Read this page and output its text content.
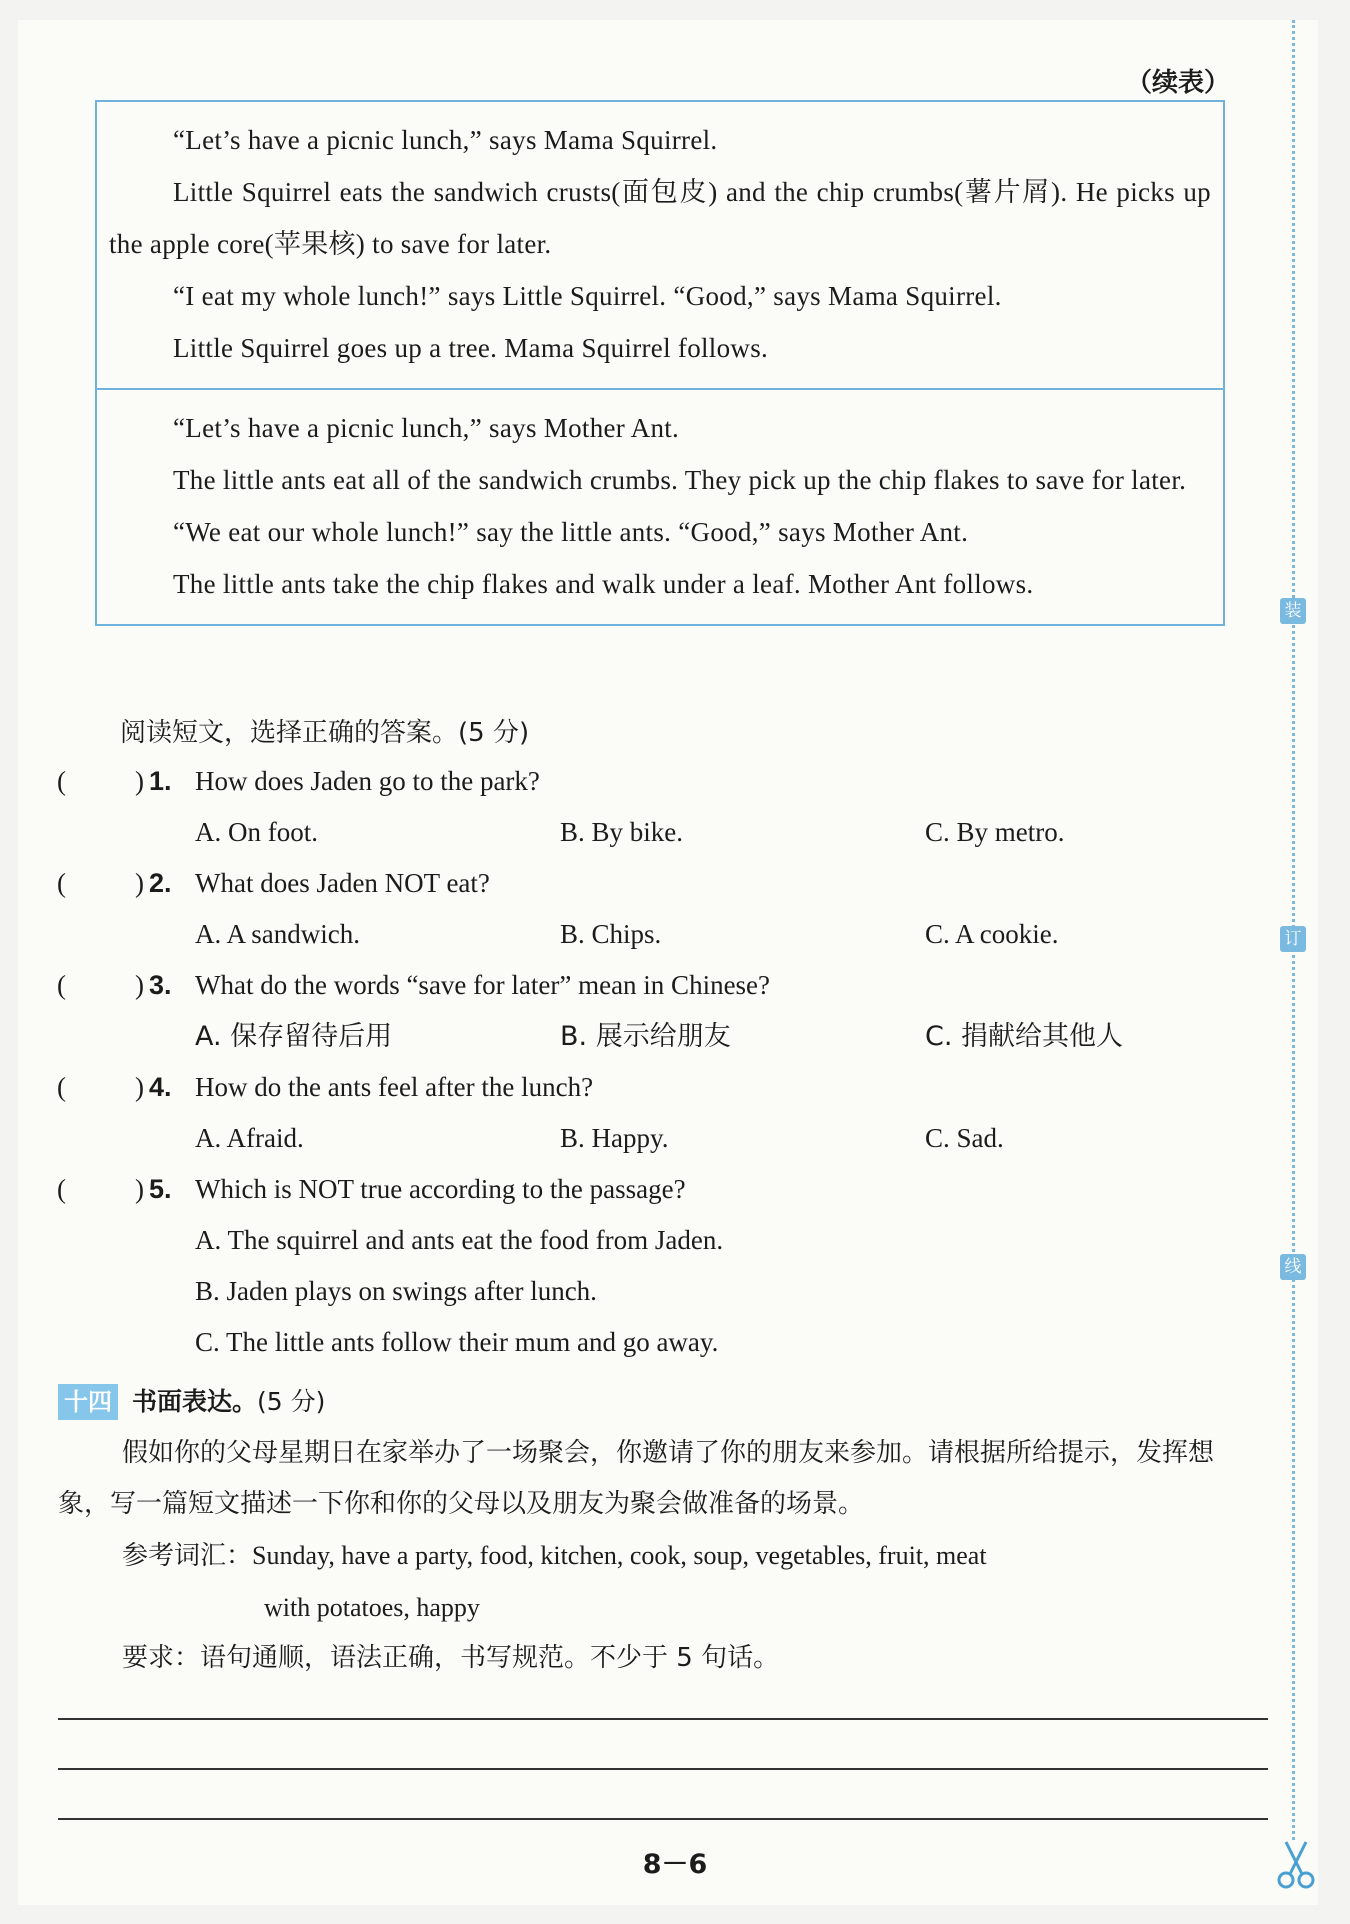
（续表）

“Let’s have a picnic lunch,” says Mama Squirrel.

Little Squirrel eats the sandwich crusts(面包皮) and the chip crumbs(薯片屑). He picks up the apple core(苹果核) to save for later.

“I eat my whole lunch!” says Little Squirrel. “Good,” says Mama Squirrel.

Little Squirrel goes up a tree. Mama Squirrel follows.

“Let’s have a picnic lunch,” says Mother Ant.

The little ants eat all of the sandwich crumbs. They pick up the chip flakes to save for later.

“We eat our whole lunch!” say the little ants. “Good,” says Mother Ant.

The little ants take the chip flakes and walk under a leaf. Mother Ant follows.

阅读短文，选择正确的答案。(5 分)
(	) 1. How does Jaden go to the park?
A. On foot.	B. By bike.	C. By metro.
(	) 2. What does Jaden NOT eat?
A. A sandwich.	B. Chips.	C. A cookie.
(	) 3. What do the words “save for later” mean in Chinese?
A. 保存留待后用	B. 展示给朋友	C. 捐献给其他人
(	) 4. How do the ants feel after the lunch?
A. Afraid.	B. Happy.	C. Sad.
(	) 5. Which is NOT true according to the passage?
A. The squirrel and ants eat the food from Jaden.
B. Jaden plays on swings after lunch.
C. The little ants follow their mum and go away.
十四 书面表达。(5 分)

假如你的父母星期日在家举办了一场聚会，你邀请了你的朋友来参加。请根据所给提示，发挥想象，写一篇短文描述一下你和你的父母以及朋友为聚会做准备的场景。

参考词汇：Sunday, have a party, food, kitchen, cook, soup, vegetables, fruit, meat

with potatoes, happy

要求：语句通顺，语法正确，书写规范。不少于 5 句话。

8－6
装
订
线
